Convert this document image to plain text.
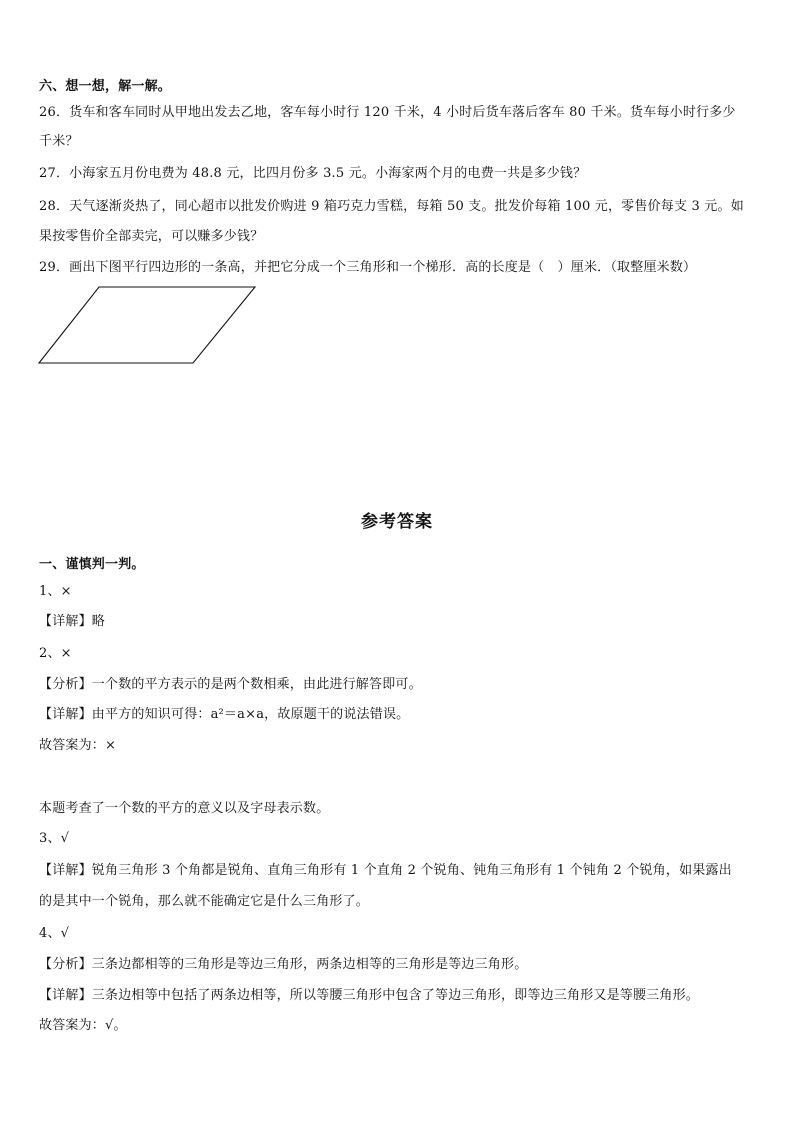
六、想一想，解一解。
26．货车和客车同时从甲地出发去乙地，客车每小时行 120 千米，4 小时后货车落后客车 80 千米。货车每小时行多少
千米？
27．小海家五月份电费为 48.8 元，比四月份多 3.5 元。小海家两个月的电费一共是多少钱？
28．天气逐渐炎热了，同心超市以批发价购进 9 箱巧克力雪糕，每箱 50 支。批发价每箱 100 元，零售价每支 3 元。如
果按零售价全部卖完，可以赚多少钱？
29．画出下图平行四边形的一条高，并把它分成一个三角形和一个梯形．高的长度是（　）厘米．（取整厘米数）
参考答案
一、谨慎判一判。
1、×
【详解】略
2、×
【分析】一个数的平方表示的是两个数相乘，由此进行解答即可。
【详解】由平方的知识可得：a²＝a×a，故原题干的说法错误。
故答案为：×
本题考查了一个数的平方的意义以及字母表示数。
3、√
【详解】锐角三角形 3 个角都是锐角、直角三角形有 1 个直角 2 个锐角、钝角三角形有 1 个钝角 2 个锐角，如果露出
的是其中一个锐角，那么就不能确定它是什么三角形了。
4、√
【分析】三条边都相等的三角形是等边三角形，两条边相等的三角形是等边三角形。
【详解】三条边相等中包括了两条边相等，所以等腰三角形中包含了等边三角形，即等边三角形又是等腰三角形。
故答案为：√。
